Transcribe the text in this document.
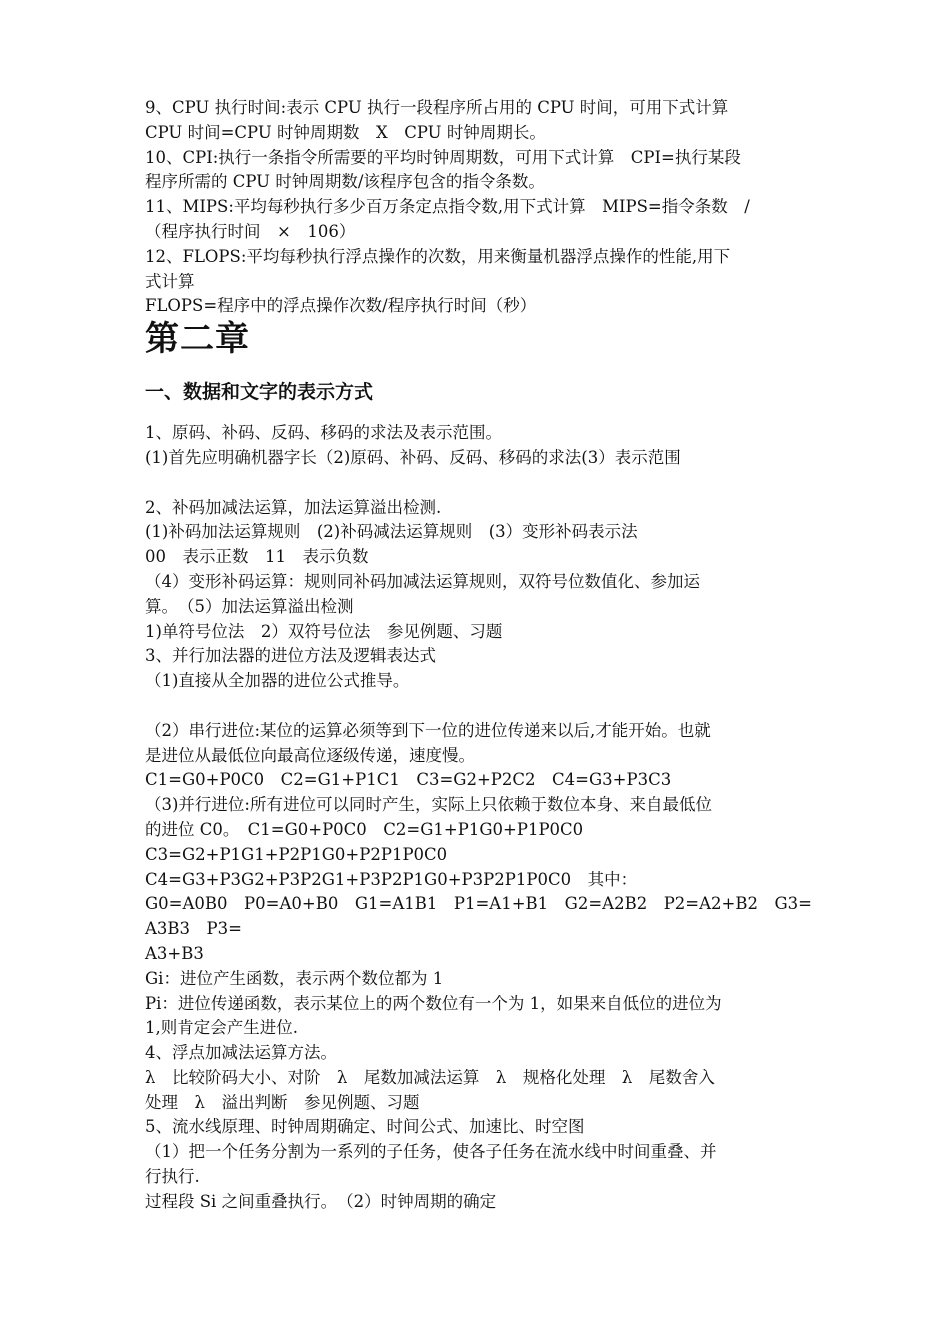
9、CPU 执行时间:表示 CPU 执行一段程序所占用的 CPU 时间，可用下式计算

CPU 时间=CPU 时钟周期数　X　CPU 时钟周期长。

10、CPI:执行一条指令所需要的平均时钟周期数，可用下式计算　CPI=执行某段

程序所需的 CPU 时钟周期数/该程序包含的指令条数。

11、MIPS:平均每秒执行多少百万条定点指令数,用下式计算　MIPS=指令条数　/

（程序执行时间　×　106）

12、FLOPS:平均每秒执行浮点操作的次数，用来衡量机器浮点操作的性能,用下

式计算

FLOPS=程序中的浮点操作次数/程序执行时间（秒）

第二章
一、数据和文字的表示方式

1、原码、补码、反码、移码的求法及表示范围。

(1)首先应明确机器字长（2)原码、补码、反码、移码的求法(3）表示范围

2、补码加减法运算，加法运算溢出检测.

(1)补码加法运算规则　(2)补码减法运算规则　(3）变形补码表示法

00　表示正数　11　表示负数

（4）变形补码运算：规则同补码加减法运算规则，双符号位数值化、参加运

算。　（5）加法运算溢出检测

1)单符号位法　2）双符号位法　参见例题、习题

3、并行加法器的进位方法及逻辑表达式

（1)直接从全加器的进位公式推导。

（2）串行进位:某位的运算必须等到下一位的进位传递来以后,才能开始。也就

是进位从最低位向最高位逐级传递，速度慢。

C1=G0+P0C0　C2=G1+P1C1　C3=G2+P2C2　C4=G3+P3C3

（3)并行进位:所有进位可以同时产生，实际上只依赖于数位本身、来自最低位

的进位 C0。　C1=G0+P0C0　C2=G1+P1G0+P1P0C0

C3=G2+P1G1+P2P1G0+P2P1P0C0

C4=G3+P3G2+P3P2G1+P3P2P1G0+P3P2P1P0C0　其中：

G0=A0B0　P0=A0+B0　G1=A1B1　P1=A1+B1　G2=A2B2　P2=A2+B2　G3=A3B3　P3=

A3+B3

Gi：进位产生函数，表示两个数位都为 1

Pi：进位传递函数，表示某位上的两个数位有一个为 1，如果来自低位的进位为

1,则肯定会产生进位.

4、浮点加减法运算方法。

λ　比较阶码大小、对阶　λ　尾数加减法运算　λ　规格化处理　λ　尾数舍入

处理　λ　溢出判断　参见例题、习题

5、流水线原理、时钟周期确定、时间公式、加速比、时空图

（1）把一个任务分割为一系列的子任务，使各子任务在流水线中时间重叠、并

行执行.

过程段 Si 之间重叠执行。　（2）时钟周期的确定
